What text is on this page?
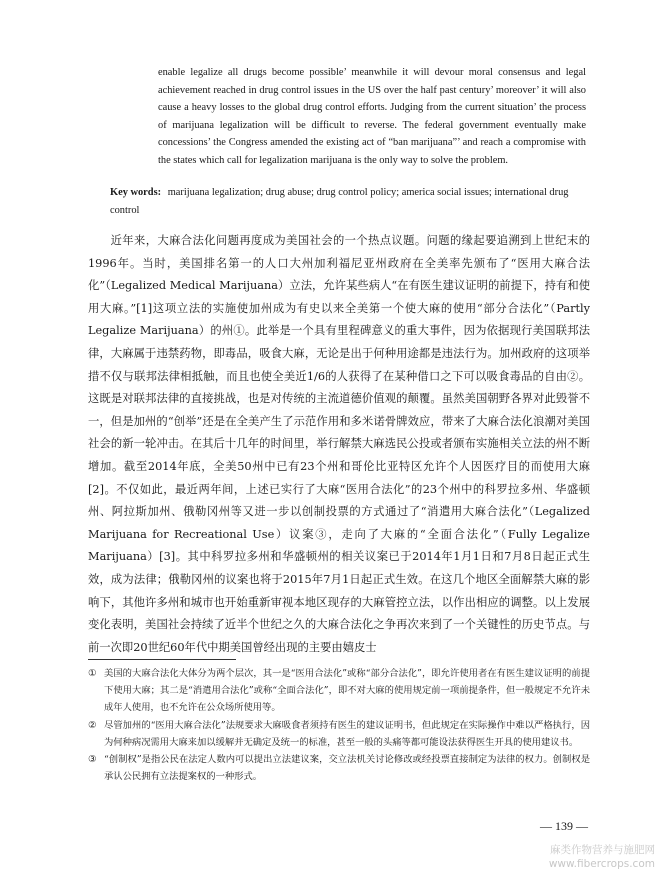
enable legalize all drugs become possible’ meanwhile it will devour moral consensus and legal achievement reached in drug control issues in the US over the half past century’ moreover’ it will also cause a heavy losses to the global drug control efforts. Judging from the current situation’ the process of marijuana legalization will be difficult to reverse. The federal government eventually make concessions’ the Congress amended the existing act of “ban marijuana”’ and reach a compromise with the states which call for legalization marijuana is the only way to solve the problem.

Key words: marijuana legalization; drug abuse; drug control policy; america social issues; international drug control

近年来，大麻合法化问题再度成为美国社会的一个热点议题。问题的缘起要追溯到上世纪末的1996年。当时，美国排名第一的人口大州加利福尼亚州政府在全美率先颁布了“医用大麻合法化”（Legalized Medical Marijuana）立法，允许某些病人“在有医生建议证明的前提下，持有和使用大麻。”[1]这项立法的实施使加州成为有史以来全美第一个使大麻的使用“部分合法化”（Partly Legalize Marijuana）的州①。此举是一个具有里程碑意义的重大事件，因为依据现行美国联邦法律，大麻属于违禁药物，即毒品，吸食大麻，无论是出于何种用途都是违法行为。加州政府的这项举措不仅与联邦法律相抵触，而且也使全美近1/6的人获得了在某种借口之下可以吸食毒品的自由②。这既是对联邦法律的直接挑战，也是对传统的主流道德价值观的颠覆。虽然美国朝野各界对此毁誉不一，但是加州的“创举”还是在全美产生了示范作用和多米诺骨牌效应，带来了大麻合法化浪潮对美国社会的新一轮冲击。在其后十几年的时间里，举行解禁大麻选民公投或者颁布实施相关立法的州不断增加。截至2014年底，全美50州中已有23个州和哥伦比亚特区允许个人因医疗目的而使用大麻[2]。不仅如此，最近两年间，上述已实行了大麻“医用合法化”的23个州中的科罗拉多州、华盛顿州、阿拉斯加州、俄勒冈州等又进一步以创制投票的方式通过了“消遣用大麻合法化”（Legalized Marijuana for Recreational Use）议案③，走向了大麻的“全面合法化”（Fully Legalize Marijuana）[3]。其中科罗拉多州和华盛顿州的相关议案已于2014年1月1日和7月8日起正式生效，成为法律；俄勒冈州的议案也将于2015年7月1日起正式生效。在这几个地区全面解禁大麻的影响下，其他许多州和城市也开始重新审视本地区现存的大麻管控立法，以作出相应的调整。以上发展变化表明，美国社会持续了近半个世纪之久的大麻合法化之争再次来到了一个关键性的历史节点。与前一次即20世纪60年代中期美国曾经出现的主要由嬉皮士

① 美国的大麻合法化大体分为两个层次，其一是“医用合法化”或称“部分合法化”，即允许使用者在有医生建议证明的前提下使用大麻；其二是“消遣用合法化”或称“全面合法化”，即不对大麻的使用规定前一项前提条件，但一般规定不允许未成年人使用，也不允许在公众场所使用等。
② 尽管加州的“医用大麻合法化”法规要求大麻吸食者须持有医生的建议证明书，但此规定在实际操作中难以严格执行，因为何种病况需用大麻来加以缓解并无确定及统一的标准，甚至一般的头痛等都可能设法获得医生开具的使用建议书。
③ “创制权”是指公民在法定人数内可以提出立法建议案，交立法机关讨论修改或经投票直接制定为法律的权力。创制权是承认公民拥有立法提案权的一种形式。
— 139 —
麻类作物营养与施肥网
www.fibercrops.com
